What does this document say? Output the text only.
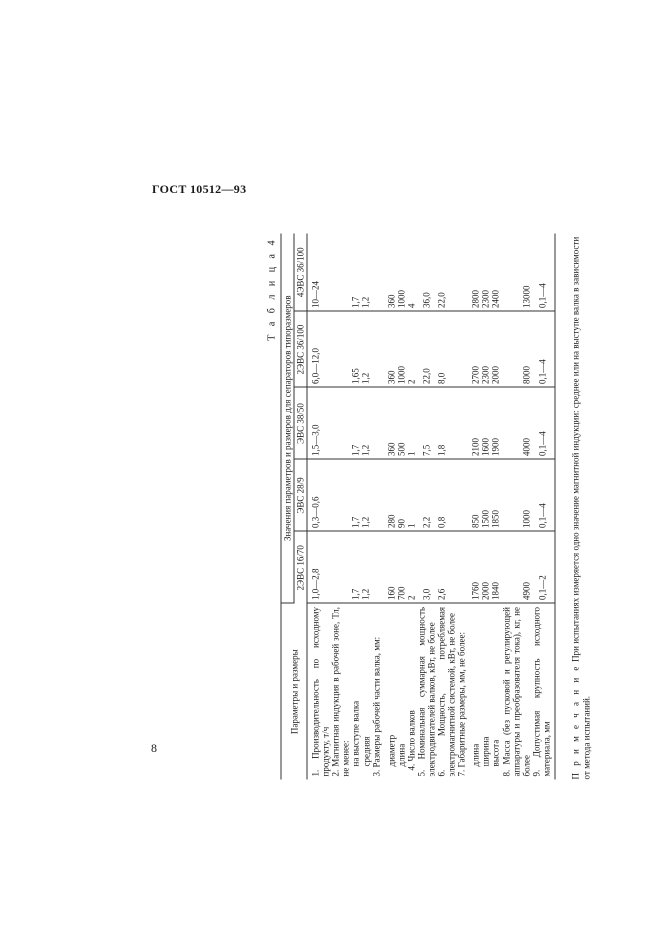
ГОСТ 10512—93
8
Т а б л и ц а 4
Параметры и размеры	Значения параметров и размеров для сепараторов типоразмеров				
	2ЭВС 16/70	ЭВС 28/9	ЭВС 38/50	2ЭВС 36/100	4ЭВС 36/100

1. Производительность по исходному продукту, т/ч	1,0—2,8	0,3—0,6	1,5—3,0	6,0—12,0	10—24

2. Магнитная индукция в рабочей зоне, Тл, не менее: на выступе валка средняя	1,7 1,2	1,7 1,2	1,7 1,2	1,65 1,2	1,7 1,2

3. Размеры рабочей части валка, мм: диаметр длина	160 700	280 90	360 500	360 1000	360 1000

4. Число валков	2	1	1	2	4

5. Номинальная суммарная мощность электродвигателей валков, кВт, не более	3,0	2,2	7,5	22,0	36,0

6. Мощность, потребляемая электромагнитной системой, кВт, не более	2,6	0,8	1,8	8,0	22,0

7. Габаритные размеры, мм, не более: длина ширина высота	1760 2000 1840	850 1500 1850	2100 1600 1900	2700 2300 2000	2800 2300 2400

8. Масса (без пусковой и регулирующей аппаратуры и преобразователя тока), кг, не более	4900	1000	4000	8000	13000

9. Допустимая крупность исходного материала, мм	0,1—2	0,1—4	0,1—4	0,1—4	0,1—4
П р и м е ч а н и е При испытаниях измеряется одно значение магнитной индукции: среднее или на выступе валка в зависимости от метода испытаний.
